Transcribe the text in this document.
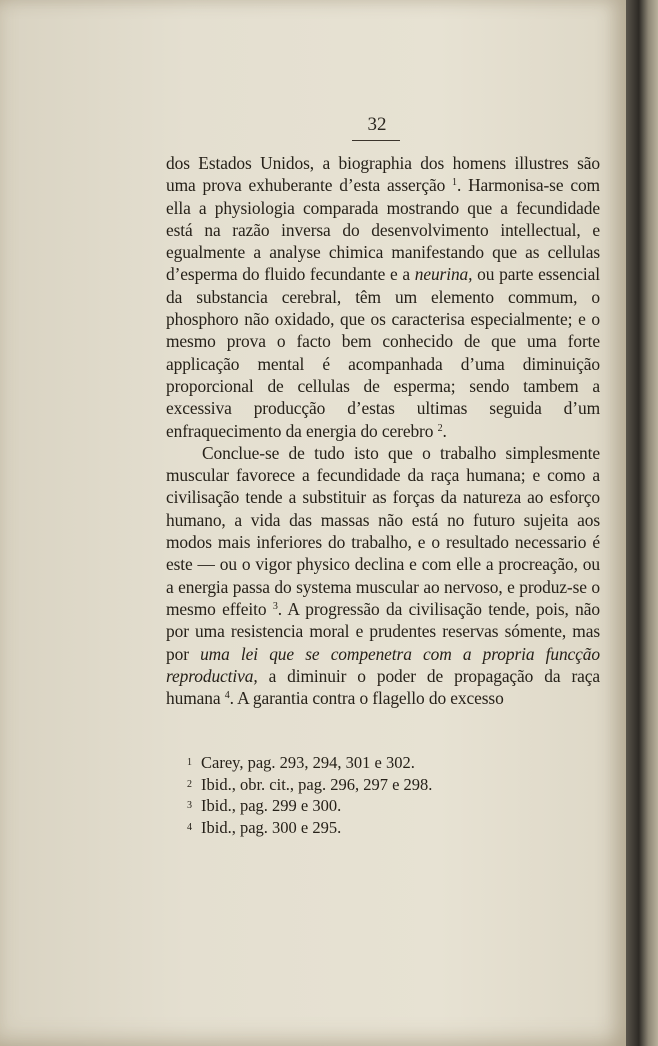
32

dos Estados Unidos, a biographia dos homens illustres são uma prova exhuberante d’esta asserção $^1$. Harmonisa-se com ella a physiologia comparada mostrando que a fecundidade está na razão inversa do desenvolvimento intellectual, e egualmente a analyse chimica manifestando que as cellulas d’esperma do fluido fecundante e a neurina, ou parte essencial da substancia cerebral, têm um elemento commum, o phosphoro não oxidado, que os caracterisa especialmente; e o mesmo prova o facto bem conhecido de que uma forte applicação mental é acompanhada d’uma diminuição proporcional de cellulas de esperma; sendo tambem a excessiva producção d’estas ultimas seguida d’um enfraquecimento da energia do cerebro $^2$.

Conclue-se de tudo isto que o trabalho simplesmente muscular favorece a fecundidade da raça humana; e como a civilisação tende a substituir as forças da natureza ao esforço humano, a vida das massas não está no futuro sujeita aos modos mais inferiores do trabalho, e o resultado necessario é este — ou o vigor physico declina e com elle a procreação, ou a energia passa do systema muscular ao nervoso, e produz-se o mesmo effeito $^3$. A progressão da civilisação tende, pois, não por uma resistencia moral e prudentes reservas sómente, mas por uma lei que se compenetra com a propria funcção reproductiva, a diminuir o poder de propagação da raça humana $^4$. A garantia contra o flagello do excesso

1 Carey, pag. 293, 294, 301 e 302.
2 Ibid., obr. cit., pag. 296, 297 e 298.
3 Ibid., pag. 299 e 300.
4 Ibid., pag. 300 e 295.
